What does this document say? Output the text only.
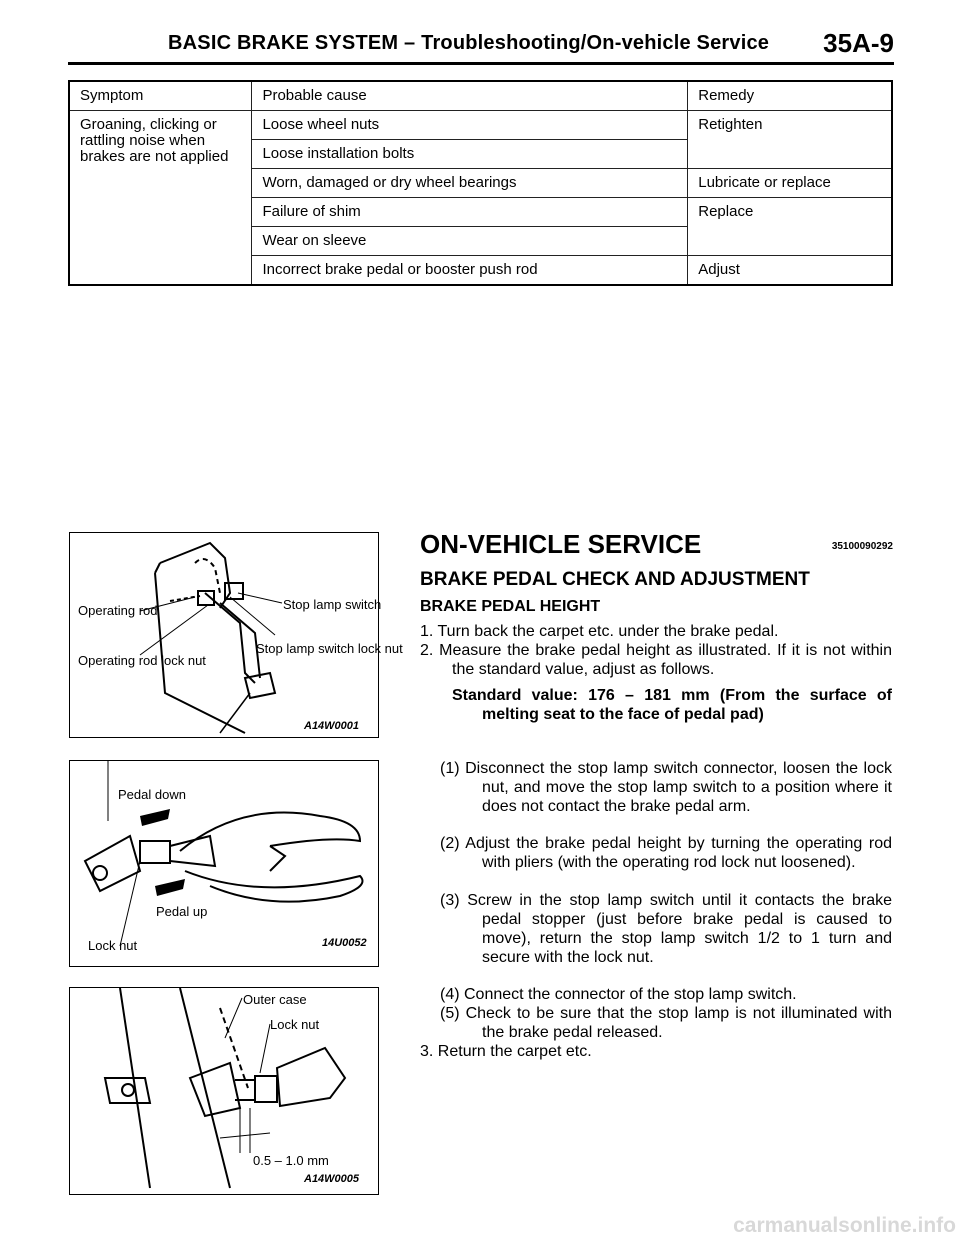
BASIC BRAKE SYSTEM – Troubleshooting/On-vehicle Service 35A-9
Symptom	Probable cause	Remedy
Groaning, clicking or rattling noise when brakes are not applied	Loose wheel nuts	Retighten
	Loose installation bolts	
	Worn, damaged or dry wheel bearings	Lubricate or replace
	Failure of shim	Replace
	Wear on sleeve	
	Incorrect brake pedal or booster push rod	Adjust
Operating rod
Operating rod lock nut
Stop lamp switch
Stop lamp switch lock nut
A14W0001
Pedal down
Pedal up
Lock nut	14U0052
Outer case
Lock nut
0.5 – 1.0 mm
A14W0005
ON-VEHICLE SERVICE	35100090292
BRAKE PEDAL CHECK AND ADJUSTMENT
BRAKE PEDAL HEIGHT
1. Turn back the carpet etc. under the brake pedal.
2. Measure the brake pedal height as illustrated. If it is not within the standard value, adjust as follows.
Standard value: 176 – 181 mm (From the surface of melting seat to the face of pedal pad)
(1) Disconnect the stop lamp switch connector, loosen the lock nut, and move the stop lamp switch to a position where it does not contact the brake pedal arm.
(2) Adjust the brake pedal height by turning the operating rod with pliers (with the operating rod lock nut loosened).
(3) Screw in the stop lamp switch until it contacts the brake pedal stopper (just before brake pedal is caused to move), return the stop lamp switch 1/2 to 1 turn and secure with the lock nut.
(4) Connect the connector of the stop lamp switch.
(5) Check to be sure that the stop lamp is not illuminated with the brake pedal released.
3. Return the carpet etc.
carmanualsonline.info
